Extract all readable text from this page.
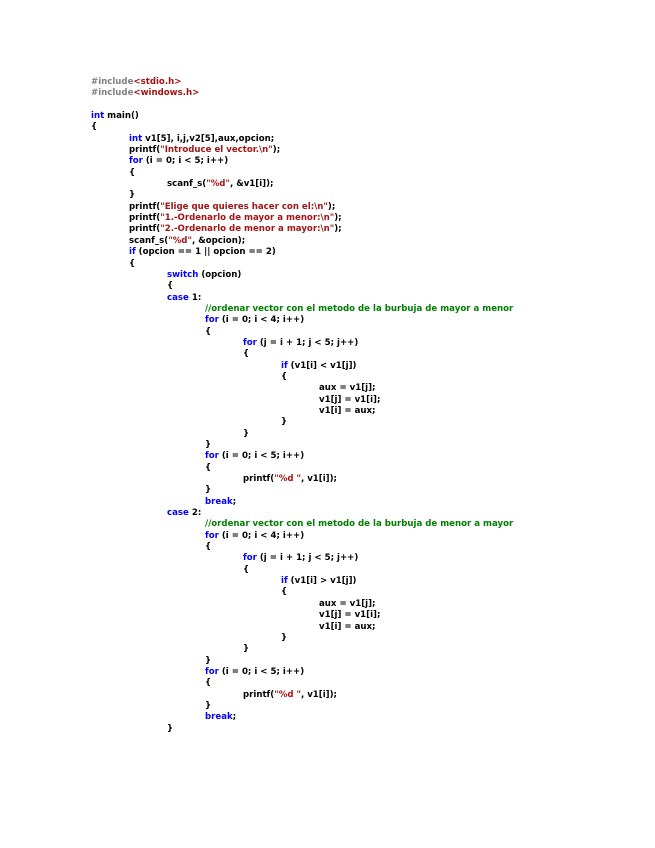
#include<stdio.h>
#include<windows.h>

int main()
{
int v1[5], i,j,v2[5],aux,opcion;
printf("Introduce el vector.\n");
for (i = 0; i < 5; i++)
{
scanf_s("%d", &v1[i]);
}
printf("Elige que quieres hacer con el:\n");
printf("1.-Ordenarlo de mayor a menor:\n");
printf("2.-Ordenarlo de menor a mayor:\n");
scanf_s("%d", &opcion);
if (opcion == 1 || opcion == 2)
{
switch (opcion)
{
case 1:
//ordenar vector con el metodo de la burbuja de mayor a menor
for (i = 0; i < 4; i++)
{
for (j = i + 1; j < 5; j++)
{
if (v1[i] < v1[j])
{
aux = v1[j];
v1[j] = v1[i];
v1[i] = aux;
}
}
}
for (i = 0; i < 5; i++)
{
printf("%d ", v1[i]);
}
break;
case 2:
//ordenar vector con el metodo de la burbuja de menor a mayor
for (i = 0; i < 4; i++)
{
for (j = i + 1; j < 5; j++)
{
if (v1[i] > v1[j])
{
aux = v1[j];
v1[j] = v1[i];
v1[i] = aux;
}
}
}
for (i = 0; i < 5; i++)
{
printf("%d ", v1[i]);
}
break;
}
